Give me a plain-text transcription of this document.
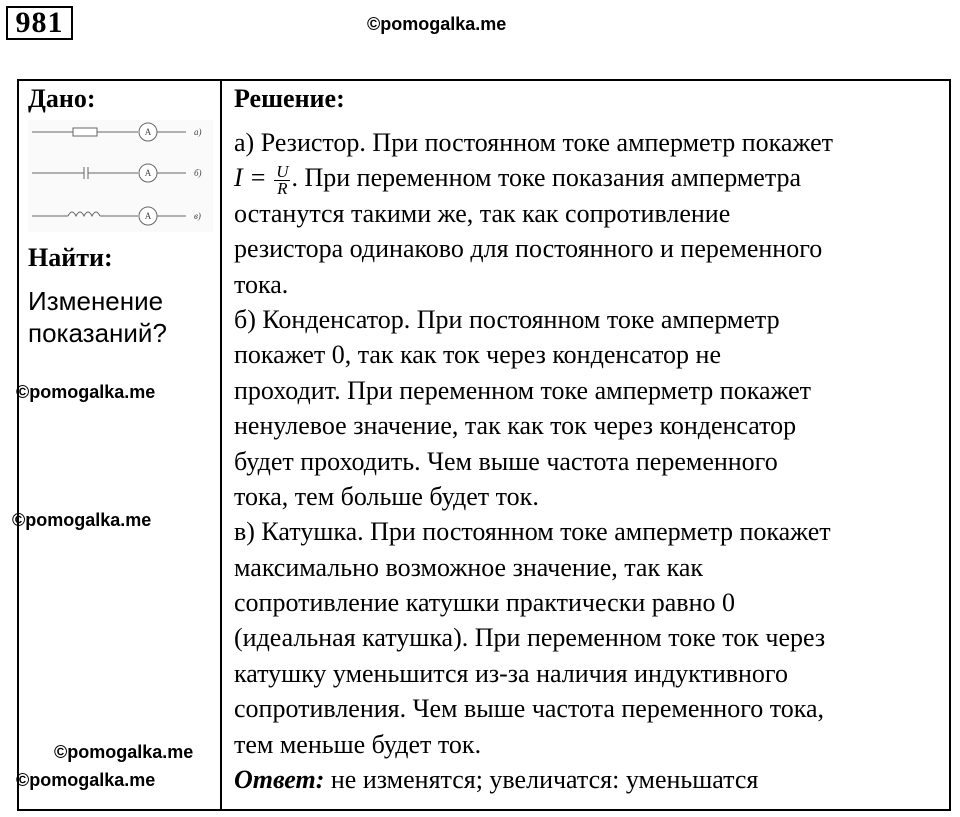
981	©pomogalka.me
Дано:
A
A
A
а)
б)
в)
Найти:
Изменение
показаний?
©pomogalka.me
©pomogalka.me
©pomogalka.me
©pomogalka.me
Решение:
а) Резистор. При постоянном токе амперметр покажет
$I = \frac{U}{R}$ . При переменном токе показания амперметра
останутся такими же, так как сопротивление
резистора одинаково для постоянного и переменного
тока.
б) Конденсатор. При постоянном токе амперметр
покажет 0, так как ток через конденсатор не
проходит. При переменном токе амперметр покажет
ненулевое значение, так как ток через конденсатор
будет проходить. Чем выше частота переменного
тока, тем больше будет ток.
в) Катушка. При постоянном токе амперметр покажет
максимально возможное значение, так как
сопротивление катушки практически равно 0
(идеальная катушка). При переменном токе ток через
катушку уменьшится из-за наличия индуктивного
сопротивления. Чем выше частота переменного тока,
тем меньше будет ток.
Ответ: не изменятся; увеличатся: уменьшатся
